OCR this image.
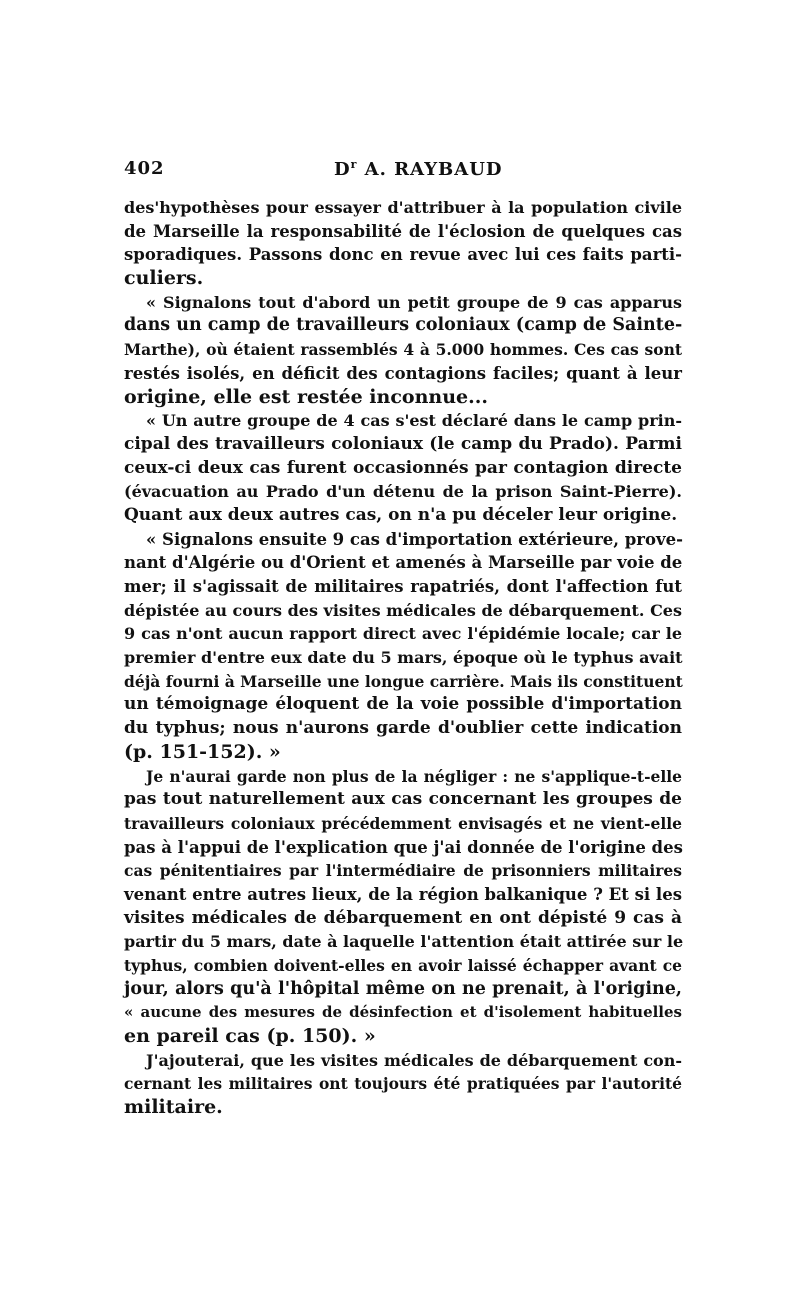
402	$D^r$ A. RAYBAUD
des'hypothèses pour essayer d'attribuer à la population civile
de Marseille la responsabilité de l'éclosion de quelques cas
sporadiques. Passons donc en revue avec lui ces faits parti-
culiers.
« Signalons tout d'abord un petit groupe de 9 cas apparus
dans un camp de travailleurs coloniaux (camp de Sainte-
Marthe), où étaient rassemblés 4 à 5.000 hommes. Ces cas sont
restés isolés, en déficit des contagions faciles; quant à leur
origine, elle est restée inconnue...
« Un autre groupe de 4 cas s'est déclaré dans le camp prin-
cipal des travailleurs coloniaux (le camp du Prado). Parmi
ceux-ci deux cas furent occasionnés par contagion directe
(évacuation au Prado d'un détenu de la prison Saint-Pierre).
Quant aux deux autres cas, on n'a pu déceler leur origine.
« Signalons ensuite 9 cas d'importation extérieure, prove-
nant d'Algérie ou d'Orient et amenés à Marseille par voie de
mer; il s'agissait de militaires rapatriés, dont l'affection fut
dépistée au cours des visites médicales de débarquement. Ces
9 cas n'ont aucun rapport direct avec l'épidémie locale; car le
premier d'entre eux date du 5 mars, époque où le typhus avait
déjà fourni à Marseille une longue carrière. Mais ils constituent
un témoignage éloquent de la voie possible d'importation
du typhus; nous n'aurons garde d'oublier cette indication
(p. 151-152). »
Je n'aurai garde non plus de la négliger : ne s'applique-t-elle
pas tout naturellement aux cas concernant les groupes de
travailleurs coloniaux précédemment envisagés et ne vient-elle
pas à l'appui de l'explication que j'ai donnée de l'origine des
cas pénitentiaires par l'intermédiaire de prisonniers militaires
venant entre autres lieux, de la région balkanique ? Et si les
visites médicales de débarquement en ont dépisté 9 cas à
partir du 5 mars, date à laquelle l'attention était attirée sur le
typhus, combien doivent-elles en avoir laissé échapper avant ce
jour, alors qu'à l'hôpital même on ne prenait, à l'origine,
« aucune des mesures de désinfection et d'isolement habituelles
en pareil cas (p. 150). »
J'ajouterai, que les visites médicales de débarquement con-
cernant les militaires ont toujours été pratiquées par l'autorité
militaire.
